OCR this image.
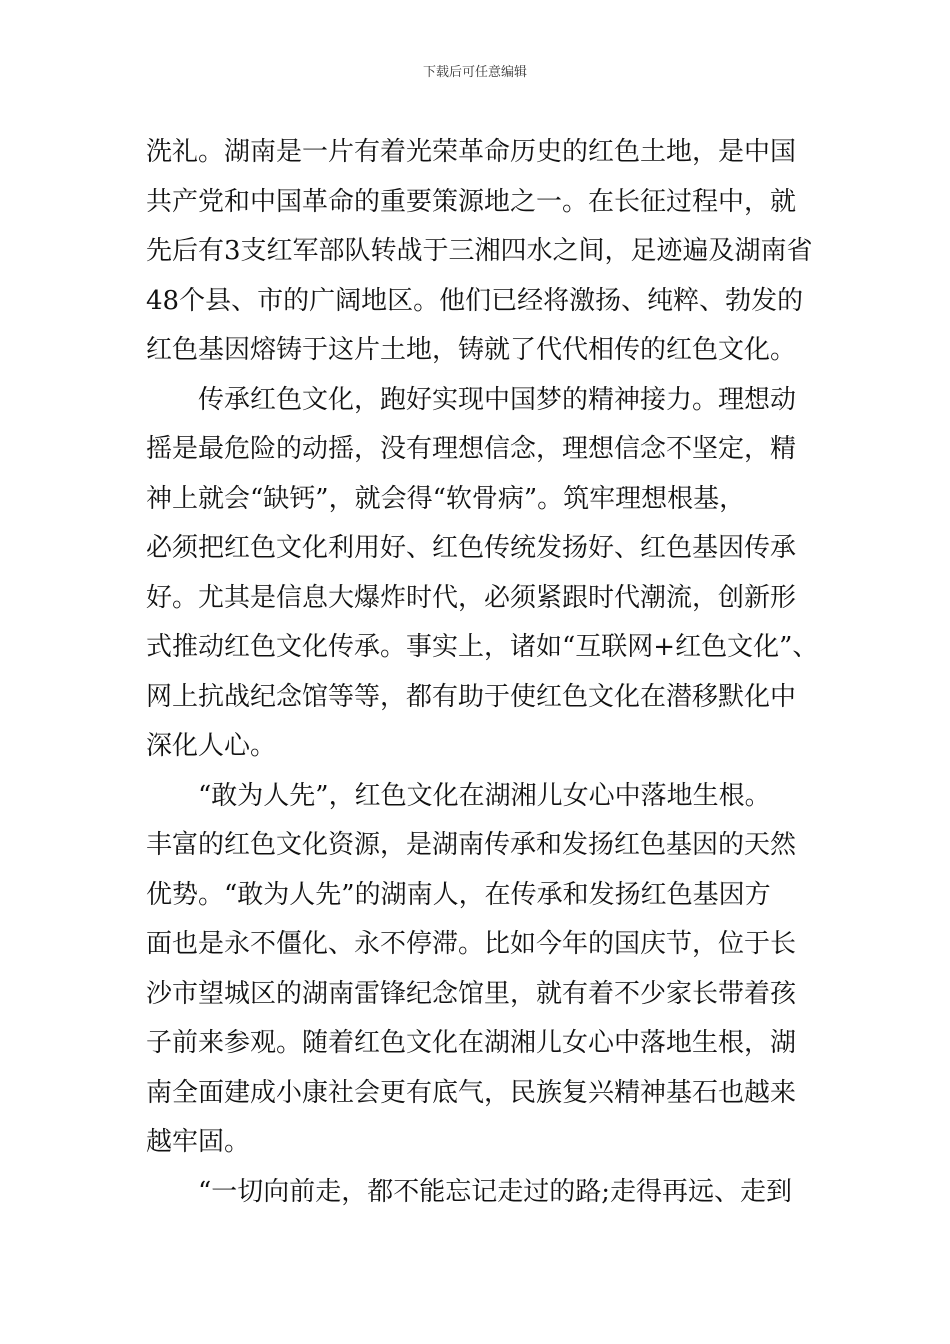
下载后可任意编辑
洗礼。湖南是一片有着光荣革命历史的红色土地，是中国
共产党和中国革命的重要策源地之一。在长征过程中，就
先后有3支红军部队转战于三湘四水之间，足迹遍及湖南省
48个县、市的广阔地区。他们已经将激扬、纯粹、勃发的
红色基因熔铸于这片土地，铸就了代代相传的红色文化。
传承红色文化，跑好实现中国梦的精神接力。理想动
摇是最危险的动摇，没有理想信念，理想信念不坚定，精
神上就会“缺钙”，就会得“软骨病”。筑牢理想根基，
必须把红色文化利用好、红色传统发扬好、红色基因传承
好。尤其是信息大爆炸时代，必须紧跟时代潮流，创新形
式推动红色文化传承。事实上，诸如“互联网+红色文化”、
网上抗战纪念馆等等，都有助于使红色文化在潜移默化中
深化人心。
“敢为人先”，红色文化在湖湘儿女心中落地生根。
丰富的红色文化资源，是湖南传承和发扬红色基因的天然
优势。“敢为人先”的湖南人，在传承和发扬红色基因方
面也是永不僵化、永不停滞。比如今年的国庆节，位于长
沙市望城区的湖南雷锋纪念馆里，就有着不少家长带着孩
子前来参观。随着红色文化在湖湘儿女心中落地生根，湖
南全面建成小康社会更有底气，民族复兴精神基石也越来
越牢固。
“一切向前走，都不能忘记走过的路;走得再远、走到
